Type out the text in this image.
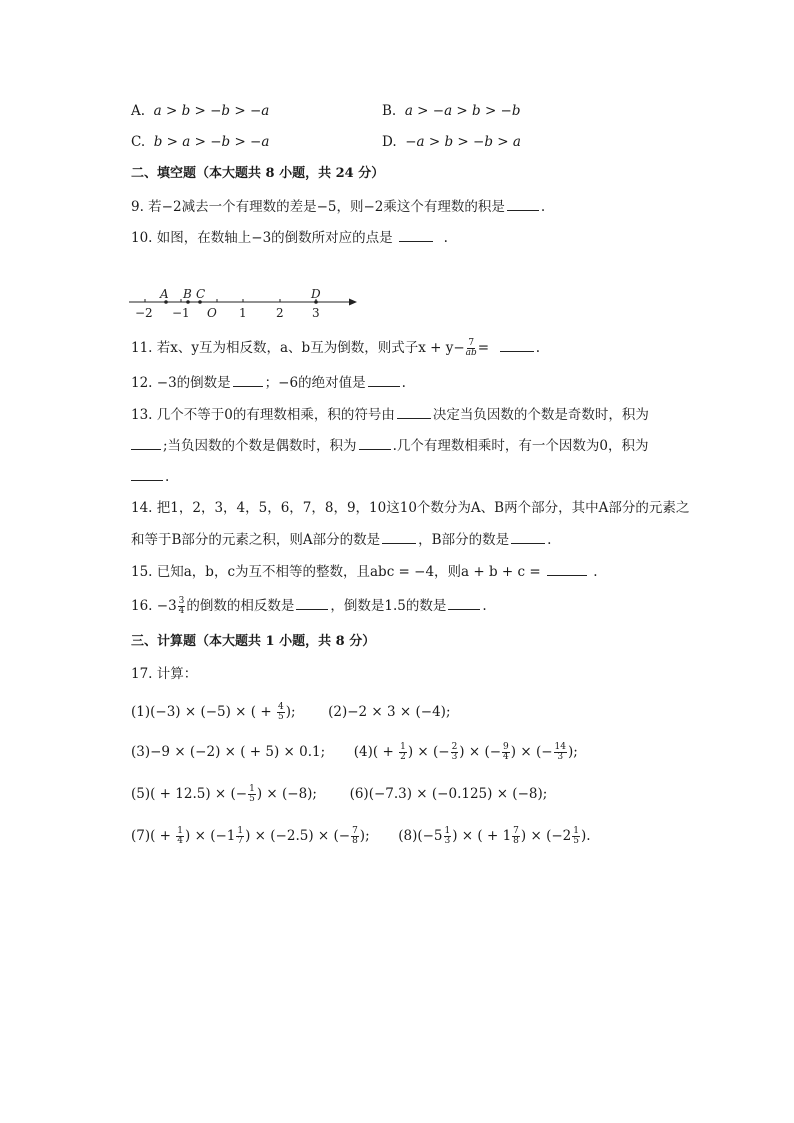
A. a > b > −b > −a	B. a > −a > b > −b
C. b > a > −b > −a	D. −a > b > −b > a
二、填空题（本大题共 8 小题，共 24 分）
9. 若−2减去一个有理数的差是−5，则−2乘这个有理数的积是	.
10. 如图，在数轴上−3的倒数所对应的点是	.
A B C	D
−2 −1 O 1 2 3
11. 若x、y互为相反数，a、b互为倒数，则式子$x + y- \frac{7}{ab}$ =	.
12. −3的倒数是	；−6的绝对值是	.
13. 几个不等于0的有理数相乘，积的符号由	决定当负因数的个数是奇数时，积为
;当负因数的个数是偶数时，积为	.几个有理数相乘时，有一个因数为0，积为
.
14. 把1，2，3，4，5，6，7，8，9，10这10个数分为A、B两个部分，其中A部分的元素之
和等于B部分的元素之积，则A部分的数是	，B部分的数是	.
15. 已知a，b，c为互不相等的整数，且abc = −4，则a + b + c =	.
16. $-3 \frac{3}{4}$ 的倒数的相反数是	，倒数是1.5的数是	.
三、计算题（本大题共 1 小题，共 8 分）
17. 计算：
(1)(−3) × (−5) × ( + $\frac{4}{5}$ ); (2)−2 × 3 × (−4);
(3)−9 × (−2) × ( + 5) × 0.1; $(4)( + \frac{1}{2}$ ) × (− $\frac{2}{3}$ ) × (− $\frac{9}{4}$ ) × (− $\frac{14}{3}$ );
(5)( + 12.5) × (− $\frac{1}{5}$ ) × (−8); (6)(−7.3) × (−0.125) × (−8);
$(7)( + \frac{1}{4}$ ) × ($-1 \frac{1}{7}$ ) × (−2.5) × (− $\frac{7}{8}$ ); $(8)(-5 \frac{1}{3}$ ) × ( + $1 \frac{7}{8}$ ) × ($-2 \frac{1}{5}$ ).
